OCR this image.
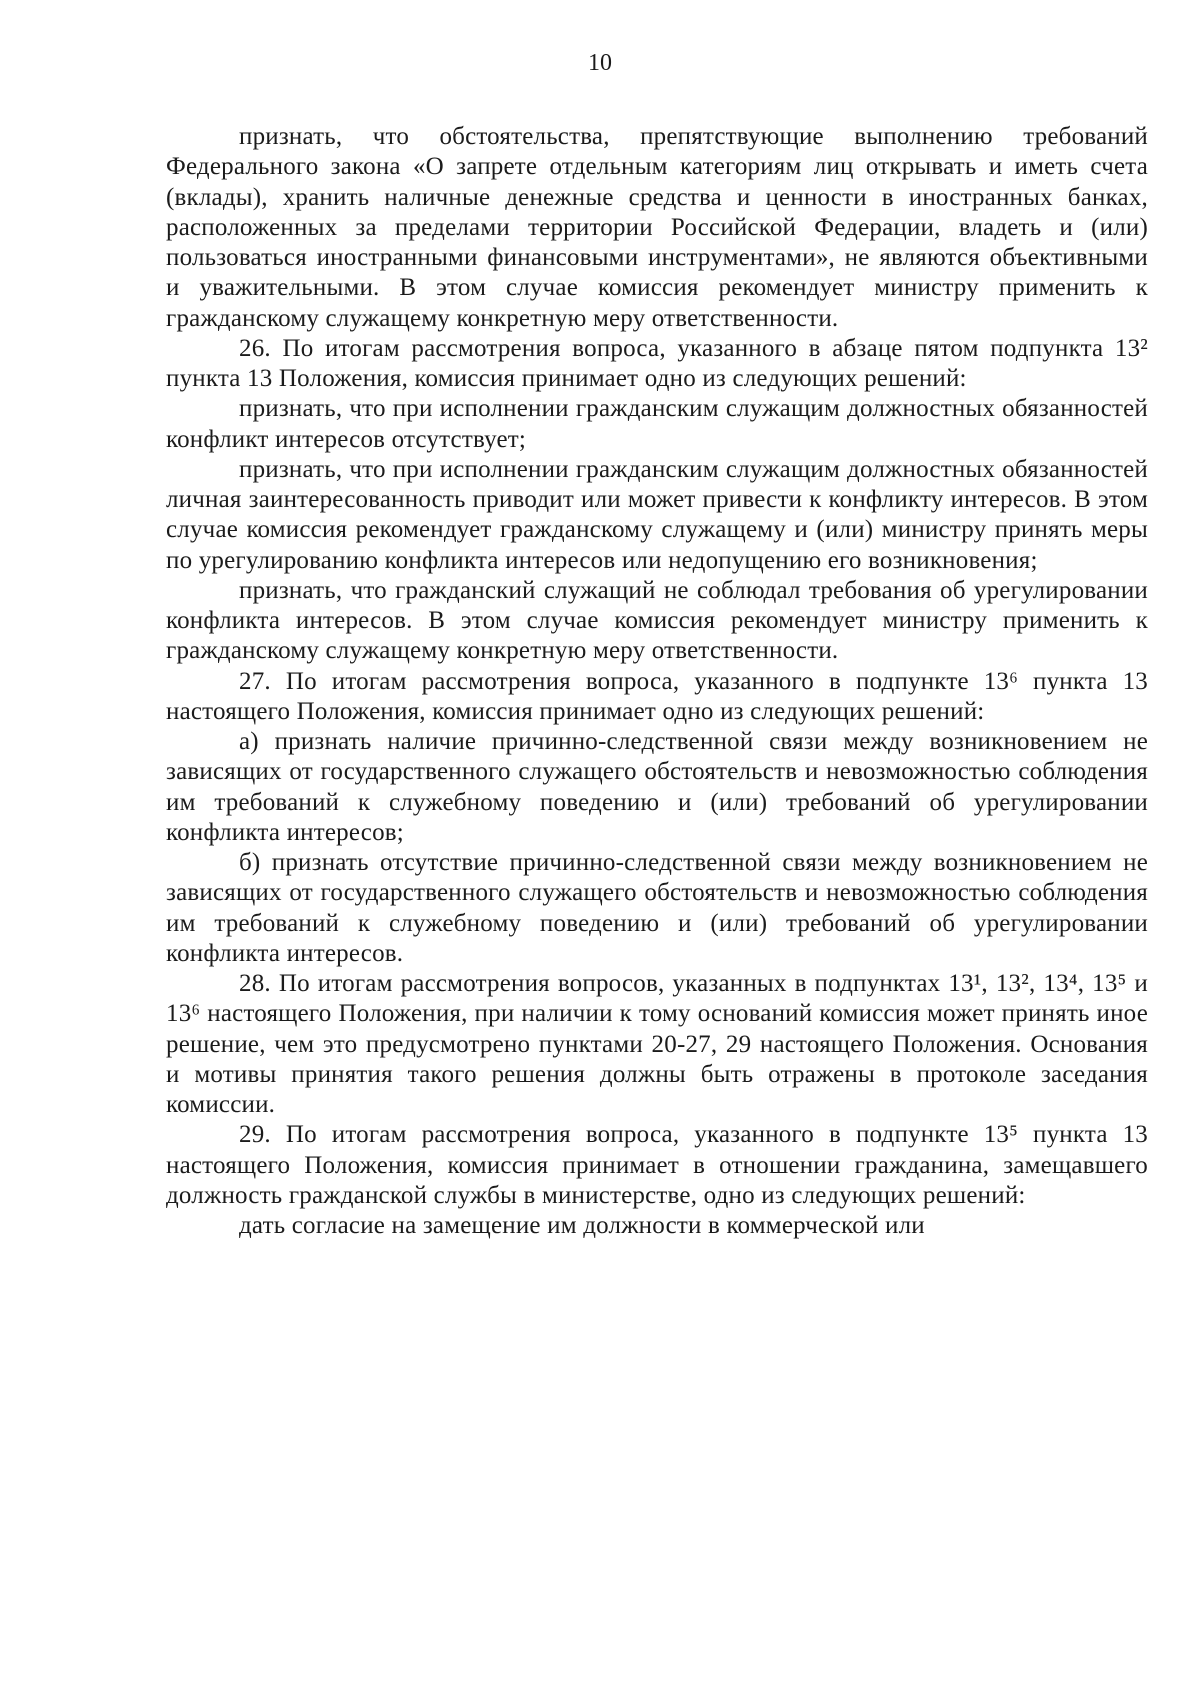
10

признать, что обстоятельства, препятствующие выполнению требований Федерального закона «О запрете отдельным категориям лиц открывать и иметь счета (вклады), хранить наличные денежные средства и ценности в иностранных банках, расположенных за пределами территории Российской Федерации, владеть и (или) пользоваться иностранными финансовыми инструментами», не являются объективными и уважительными. В этом случае комиссия рекомендует министру применить к гражданскому служащему конкретную меру ответственности.

26. По итогам рассмотрения вопроса, указанного в абзаце пятом подпункта 13² пункта 13 Положения, комиссия принимает одно из следующих решений:

признать, что при исполнении гражданским служащим должностных обязанностей конфликт интересов отсутствует;

признать, что при исполнении гражданским служащим должностных обязанностей личная заинтересованность приводит или может привести к конфликту интересов. В этом случае комиссия рекомендует гражданскому служащему и (или) министру принять меры по урегулированию конфликта интересов или недопущению его возникновения;

признать, что гражданский служащий не соблюдал требования об урегулировании конфликта интересов. В этом случае комиссия рекомендует министру применить к гражданскому служащему конкретную меру ответственности.

27. По итогам рассмотрения вопроса, указанного в подпункте 13⁶ пункта 13 настоящего Положения, комиссия принимает одно из следующих решений:

а) признать наличие причинно-следственной связи между возникновением не зависящих от государственного служащего обстоятельств и невозможностью соблюдения им требований к служебному поведению и (или) требований об урегулировании конфликта интересов;

б) признать отсутствие причинно-следственной связи между возникновением не зависящих от государственного служащего обстоятельств и невозможностью соблюдения им требований к служебному поведению и (или) требований об урегулировании конфликта интересов.

28. По итогам рассмотрения вопросов, указанных в подпунктах 13¹, 13², 13⁴, 13⁵ и 13⁶ настоящего Положения, при наличии к тому оснований комиссия может принять иное решение, чем это предусмотрено пунктами 20-27, 29 настоящего Положения. Основания и мотивы принятия такого решения должны быть отражены в протоколе заседания комиссии.

29. По итогам рассмотрения вопроса, указанного в подпункте 13⁵ пункта 13 настоящего Положения, комиссия принимает в отношении гражданина, замещавшего должность гражданской службы в министерстве, одно из следующих решений:

дать согласие на замещение им должности в коммерческой или
